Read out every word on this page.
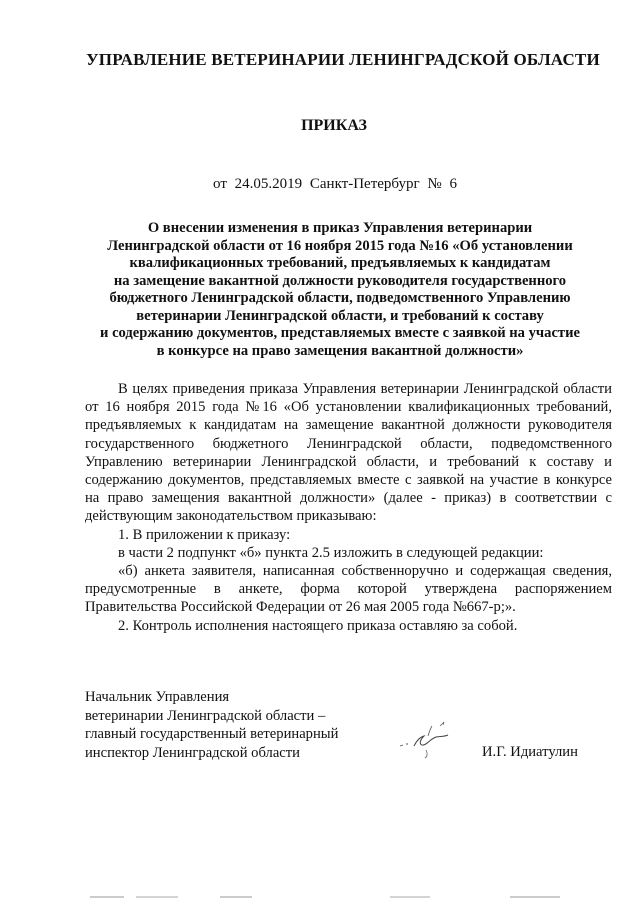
УПРАВЛЕНИЕ ВЕТЕРИНАРИИ ЛЕНИНГРАДСКОЙ ОБЛАСТИ
ПРИКАЗ
от 24.05.2019 Санкт-Петербург № 6
О внесении изменения в приказ Управления ветеринарии
Ленинградской области от 16 ноября 2015 года №16 «Об установлении
квалификационных требований, предъявляемых к кандидатам
на замещение вакантной должности руководителя государственного
бюджетного Ленинградской области, подведомственного Управлению
ветеринарии Ленинградской области, и требований к составу
и содержанию документов, представляемых вместе с заявкой на участие
в конкурсе на право замещения вакантной должности»

В целях приведения приказа Управления ветеринарии Ленинградской области от 16 ноября 2015 года №16 «Об установлении квалификационных требований, предъявляемых к кандидатам на замещение вакантной должности руководителя государственного бюджетного Ленинградской области, подведомственного Управлению ветеринарии Ленинградской области, и требований к составу и содержанию документов, представляемых вместе с заявкой на участие в конкурсе на право замещения вакантной должности» (далее - приказ) в соответствии с действующим законодательством приказываю:

1. В приложении к приказу:

в части 2 подпункт «б» пункта 2.5 изложить в следующей редакции:

«б) анкета заявителя, написанная собственноручно и содержащая сведения, предусмотренные в анкете, форма которой утверждена распоряжением Правительства Российской Федерации от 26 мая 2005 года №667-р;».

2. Контроль исполнения настоящего приказа оставляю за собой.

Начальник Управления
ветеринарии Ленинградской области –
главный государственный ветеринарный
инспектор Ленинградской области	И.Г. Идиатулин
